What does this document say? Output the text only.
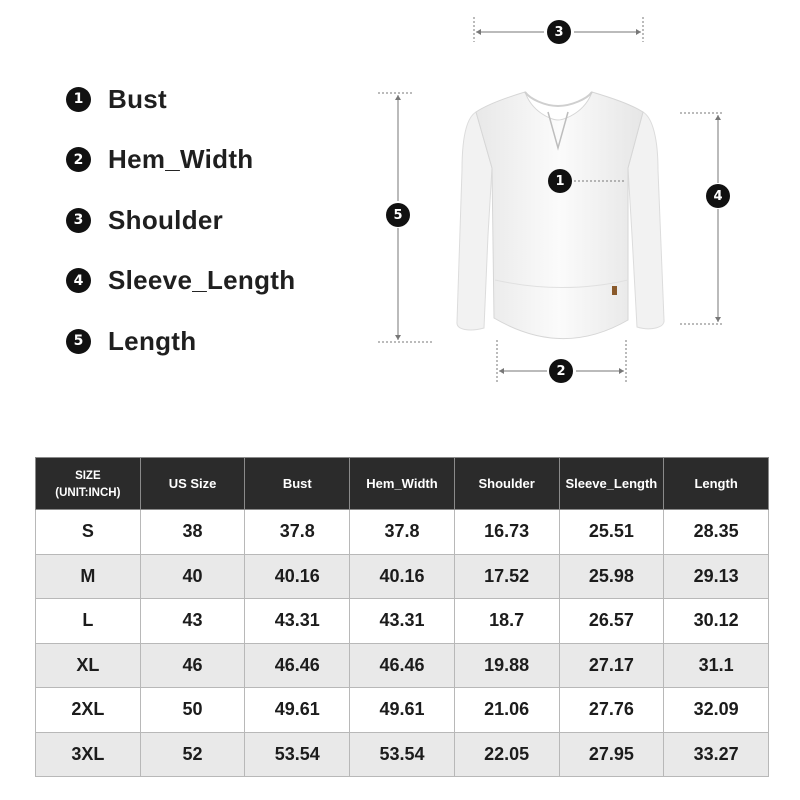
1 Bust
2 Hem_Width
3 Shoulder
4 Sleeve_Length
5 Length
3
5
4
2
1
SIZE
(UNIT:INCH)	US Size	Bust	Hem_Width	Shoulder	Sleeve_Length	Length
S	38	37.8	37.8	16.73	25.51	28.35
M	40	40.16	40.16	17.52	25.98	29.13
L	43	43.31	43.31	18.7	26.57	30.12
XL	46	46.46	46.46	19.88	27.17	31.1
2XL	50	49.61	49.61	21.06	27.76	32.09
3XL	52	53.54	53.54	22.05	27.95	33.27
